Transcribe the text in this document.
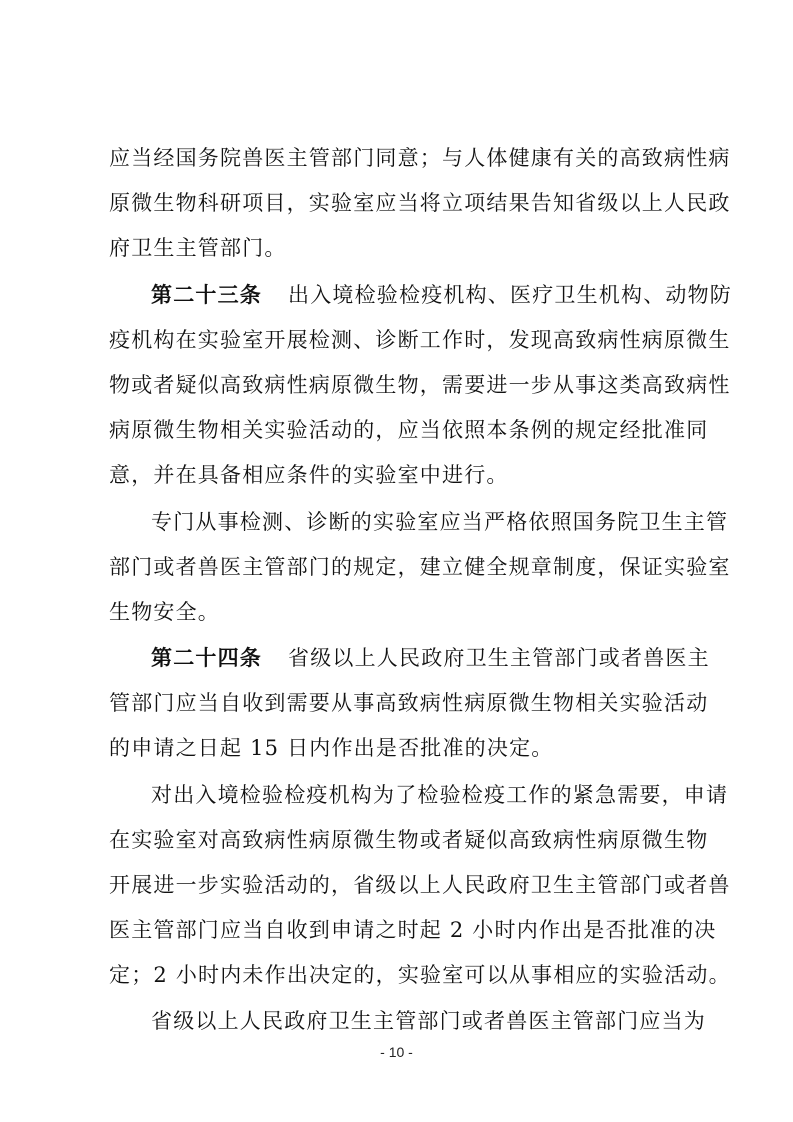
应当经国务院兽医主管部门同意；与人体健康有关的高致病性病
原微生物科研项目，实验室应当将立项结果告知省级以上人民政
府卫生主管部门。
第二十三条 出入境检验检疫机构、医疗卫生机构、动物防
疫机构在实验室开展检测、诊断工作时，发现高致病性病原微生
物或者疑似高致病性病原微生物，需要进一步从事这类高致病性
病原微生物相关实验活动的，应当依照本条例的规定经批准同
意，并在具备相应条件的实验室中进行。
专门从事检测、诊断的实验室应当严格依照国务院卫生主管
部门或者兽医主管部门的规定，建立健全规章制度，保证实验室
生物安全。
第二十四条 省级以上人民政府卫生主管部门或者兽医主
管部门应当自收到需要从事高致病性病原微生物相关实验活动
的申请之日起 15 日内作出是否批准的决定。
对出入境检验检疫机构为了检验检疫工作的紧急需要，申请
在实验室对高致病性病原微生物或者疑似高致病性病原微生物
开展进一步实验活动的，省级以上人民政府卫生主管部门或者兽
医主管部门应当自收到申请之时起 2 小时内作出是否批准的决
定；2 小时内未作出决定的，实验室可以从事相应的实验活动。
省级以上人民政府卫生主管部门或者兽医主管部门应当为
- 10 -
